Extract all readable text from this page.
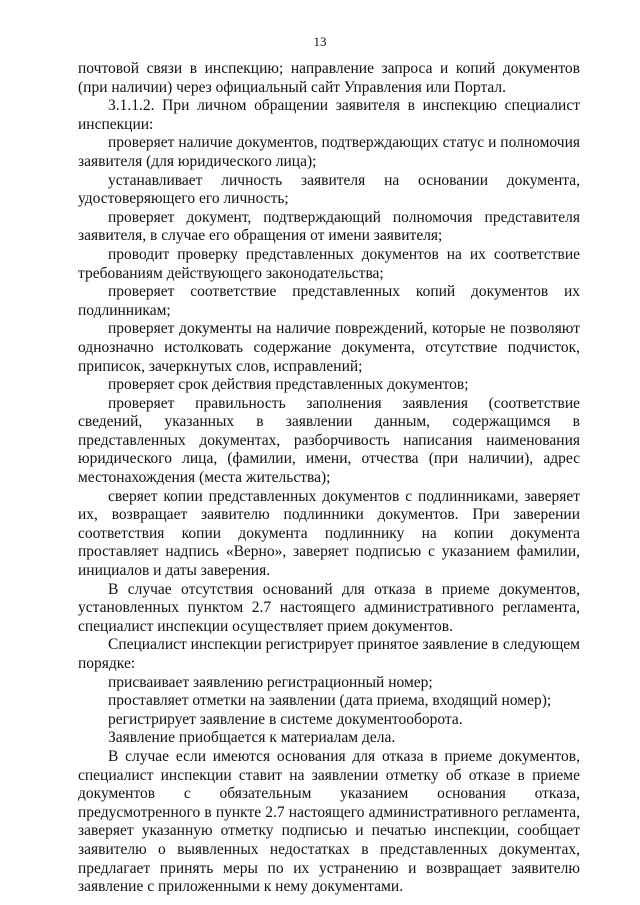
13

почтовой связи в инспекцию; направление запроса и копий документов (при наличии) через официальный сайт Управления или Портал.

3.1.1.2. При личном обращении заявителя в инспекцию специалист инспекции:

проверяет наличие документов, подтверждающих статус и полномочия заявителя (для юридического лица);

устанавливает личность заявителя на основании документа, удостоверяющего его личность;

проверяет документ, подтверждающий полномочия представителя заявителя, в случае его обращения от имени заявителя;

проводит проверку представленных документов на их соответствие требованиям действующего законодательства;

проверяет соответствие представленных копий документов их подлинникам;

проверяет документы на наличие повреждений, которые не позволяют однозначно истолковать содержание документа, отсутствие подчисток, приписок, зачеркнутых слов, исправлений;

проверяет срок действия представленных документов;

проверяет правильность заполнения заявления (соответствие сведений, указанных в заявлении данным, содержащимся в представленных документах, разборчивость написания наименования юридического лица, (фамилии, имени, отчества (при наличии), адрес местонахождения (места жительства);

сверяет копии представленных документов с подлинниками, заверяет их, возвращает заявителю подлинники документов. При заверении соответствия копии документа подлиннику на копии документа проставляет надпись «Верно», заверяет подписью с указанием фамилии, инициалов и даты заверения.

В случае отсутствия оснований для отказа в приеме документов, установленных пунктом 2.7 настоящего административного регламента, специалист инспекции осуществляет прием документов.

Специалист инспекции регистрирует принятое заявление в следующем порядке:

присваивает заявлению регистрационный номер;

проставляет отметки на заявлении (дата приема, входящий номер);

регистрирует заявление в системе документооборота.

Заявление приобщается к материалам дела.

В случае если имеются основания для отказа в приеме документов, специалист инспекции ставит на заявлении отметку об отказе в приеме документов с обязательным указанием основания отказа, предусмотренного в пункте 2.7 настоящего административного регламента, заверяет указанную отметку подписью и печатью инспекции, сообщает заявителю о выявленных недостатках в представленных документах, предлагает принять меры по их устранению и возвращает заявителю заявление с приложенными к нему документами.
